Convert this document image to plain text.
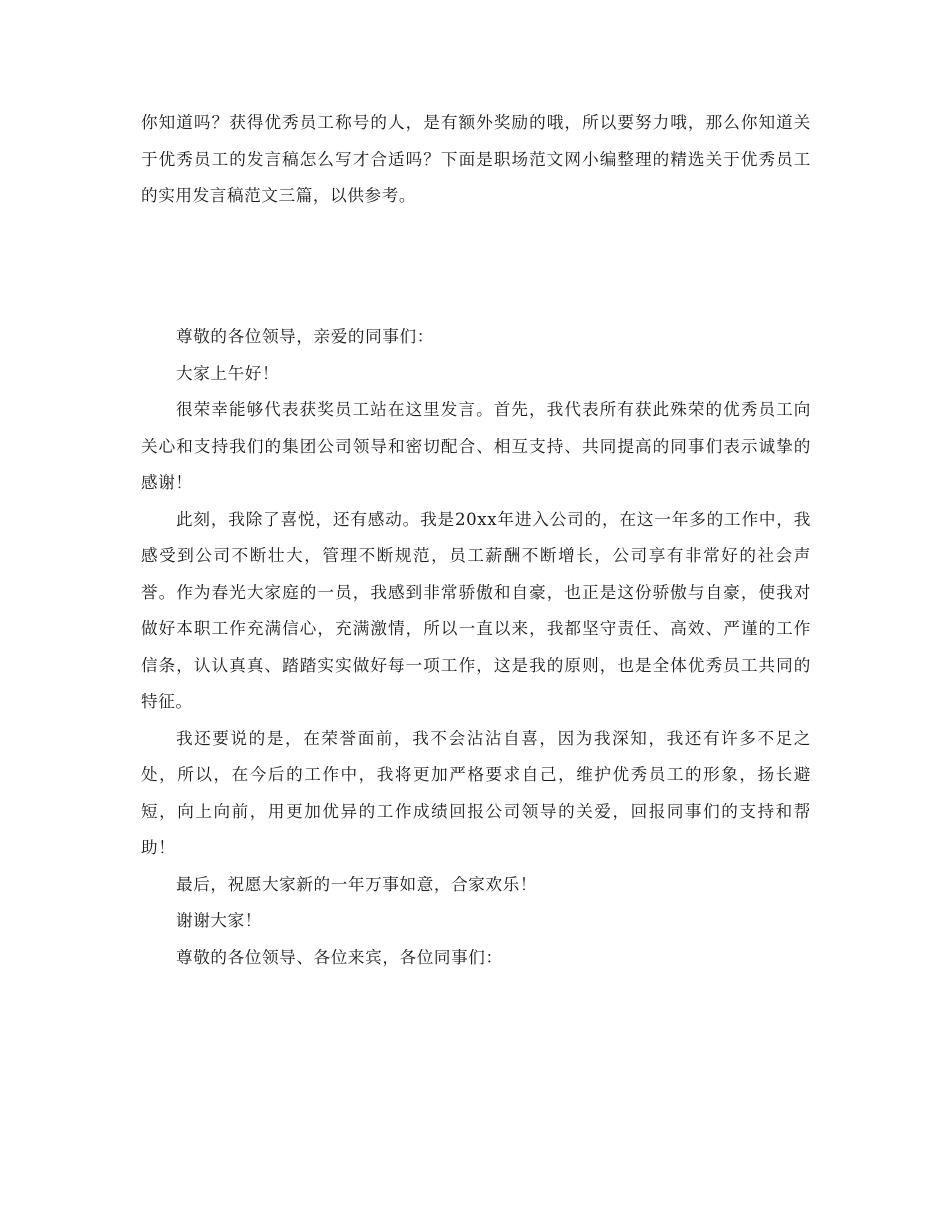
你知道吗？获得优秀员工称号的人，是有额外奖励的哦，所以要努力哦，那么你知道关于优秀员工的发言稿怎么写才合适吗？下面是职场范文网小编整理的精选关于优秀员工的实用发言稿范文三篇，以供参考。

尊敬的各位领导，亲爱的同事们：

大家上午好！

很荣幸能够代表获奖员工站在这里发言。首先，我代表所有获此殊荣的优秀员工向关心和支持我们的集团公司领导和密切配合、相互支持、共同提高的同事们表示诚挚的感谢！

此刻，我除了喜悦，还有感动。我是20xx年进入公司的，在这一年多的工作中，我感受到公司不断壮大，管理不断规范，员工薪酬不断增长，公司享有非常好的社会声誉。作为春光大家庭的一员，我感到非常骄傲和自豪，也正是这份骄傲与自豪，使我对做好本职工作充满信心，充满激情，所以一直以来，我都坚守责任、高效、严谨的工作信条，认认真真、踏踏实实做好每一项工作，这是我的原则，也是全体优秀员工共同的特征。

我还要说的是，在荣誉面前，我不会沾沾自喜，因为我深知，我还有许多不足之处，所以，在今后的工作中，我将更加严格要求自己，维护优秀员工的形象，扬长避短，向上向前，用更加优异的工作成绩回报公司领导的关爱，回报同事们的支持和帮助！

最后，祝愿大家新的一年万事如意，合家欢乐！

谢谢大家！

尊敬的各位领导、各位来宾，各位同事们：
